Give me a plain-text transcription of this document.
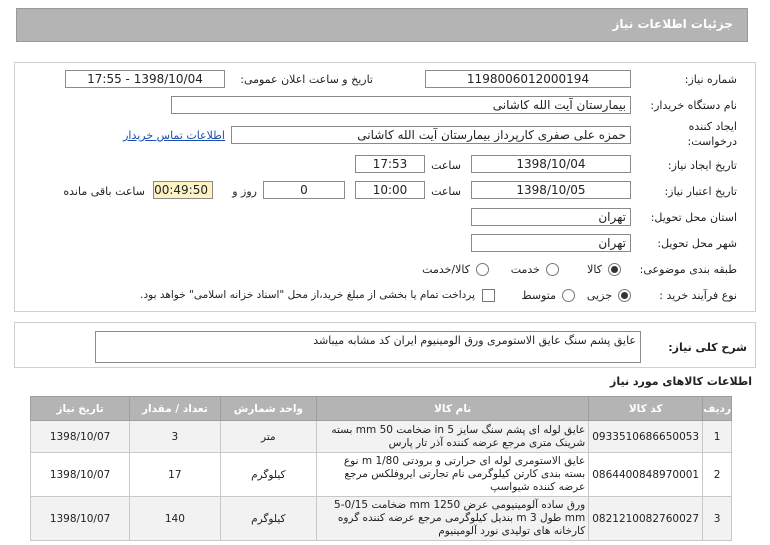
جزئیات اطلاعات نیاز
شماره نیاز:
1198006012000194
تاریخ و ساعت اعلان عمومی:
1398/10/04 - 17:55
نام دستگاه خریدار:
بیمارستان آیت الله کاشانی
ایجاد کننده
درخواست:
حمزه علی صفری کارپرداز بیمارستان آیت الله کاشانی
اطلاعات تماس خریدار
تاریخ ایجاد نیاز:
1398/10/04
ساعت
17:53
تاریخ اعتبار نیاز:
1398/10/05
ساعت
10:00
0
روز و
00:49:50
ساعت باقی مانده
استان محل تحویل:
تهران
شهر محل تحویل:
تهران
طبقه بندی موضوعی:
کالا
خدمت
کالا/خدمت
نوع فرآیند خرید :
جزیی
متوسط
پرداخت تمام یا بخشی از مبلغ خرید،از محل "اسناد خزانه اسلامی" خواهد بود.
شرح کلی نیاز:
عایق پشم سنگ عایق الاستومری ورق الومینیوم ایران کد مشابه میباشد
اطلاعات کالاهای مورد نیاز
ردیف	کد کالا	نام کالا	واحد شمارش	تعداد / مقدار	تاریخ نیاز
1	0933510686650053	عایق لوله ای پشم سنگ سایز 5 in ضخامت 50 mm بسته شرینک متری مرجع عرضه کننده آذر تار پارس	متر	3	1398/10/07
2	0864400848970001	عایق الاستومری لوله ای حرارتی و برودتی 1/80 m نوع بسته بندی کارتن کیلوگرمی نام تجارتی ایروفلکس مرجع عرضه کننده شیواسپ	کیلوگرم	17	1398/10/07
3	0821210082760027	ورق ساده آلومینیومی عرض 1250 mm ضخامت 0/15-5 mm طول 3 m بندیل کیلوگرمی مرجع عرضه کننده گروه کارخانه های تولیدی نورد آلومینیوم	کیلوگرم	140	1398/10/07
